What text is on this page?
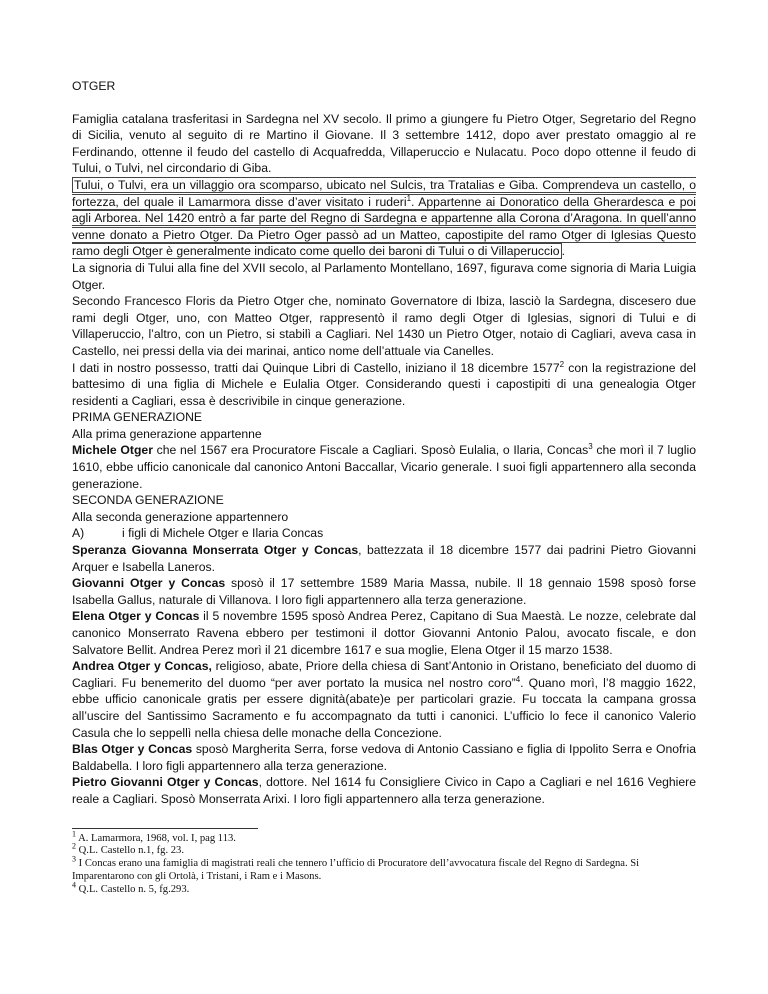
OTGER

Famiglia catalana trasferitasi in Sardegna nel XV secolo. Il primo a giungere fu Pietro Otger, Segretario del Regno di Sicilia, venuto al seguito di re Martino il Giovane. Il 3 settembre 1412, dopo aver prestato omaggio al re Ferdinando, ottenne il feudo del castello di Acquafredda, Villaperuccio e Nulacatu. Poco dopo ottenne il feudo di Tului, o Tulvi, nel circondario di Giba.

Tului, o Tulvi, era un villaggio ora scomparso, ubicato nel Sulcis, tra Tratalias e Giba. Comprendeva un castello, o fortezza, del quale il Lamarmora disse d’aver visitato i ruderi$^1$. Appartenne ai Donoratico della Gherardesca e poi agli Arborea. Nel 1420 entrò a far parte del Regno di Sardegna e appartenne alla Corona d’Aragona. In quell’anno venne donato a Pietro Otger. Da Pietro Oger passò ad un Matteo, capostipite del ramo Otger di Iglesias Questo ramo degli Otger è generalmente indicato come quello dei baroni di Tului o di Villaperuccio .

La signoria di Tului alla fine del XVII secolo, al Parlamento Montellano, 1697, figurava come signoria di Maria Luigia Otger.

Secondo Francesco Floris da Pietro Otger che, nominato Governatore di Ibiza, lasciò la Sardegna, discesero due rami degli Otger, uno, con Matteo Otger, rappresentò il ramo degli Otger di Iglesias, signori di Tului e di Villaperuccio, l’altro, con un Pietro, si stabilì a Cagliari. Nel 1430 un Pietro Otger, notaio di Cagliari, aveva casa in Castello, nei pressi della via dei marinai, antico nome dell’attuale via Canelles.

I dati in nostro possesso, tratti dai Quinque Libri di Castello, iniziano il 18 dicembre 1577$^2$ con la registrazione del battesimo di una figlia di Michele e Eulalia Otger. Considerando questi i capostipiti di una genealogia Otger residenti a Cagliari, essa è descrivibile in cinque generazione.

PRIMA GENERAZIONE

Alla prima generazione appartenne

Michele Otger che nel 1567 era Procuratore Fiscale a Cagliari. Sposò Eulalia, o Ilaria, Concas$^3$ che morì il 7 luglio 1610, ebbe ufficio canonicale dal canonico Antoni Baccallar, Vicario generale. I suoi figli appartennero alla seconda generazione.

SECONDA GENERAZIONE

Alla seconda generazione appartennero

A)	i figli di Michele Otger e Ilaria Concas

Speranza Giovanna Monserrata Otger y Concas, battezzata il 18 dicembre 1577 dai padrini Pietro Giovanni Arquer e Isabella Laneros.

Giovanni Otger y Concas sposò il 17 settembre 1589 Maria Massa, nubile. Il 18 gennaio 1598 sposò forse Isabella Gallus, naturale di Villanova. I loro figli appartennero alla terza generazione.

Elena Otger y Concas il 5 novembre 1595 sposò Andrea Perez, Capitano di Sua Maestà. Le nozze, celebrate dal canonico Monserrato Ravena ebbero per testimoni il dottor Giovanni Antonio Palou, avocato fiscale, e don Salvatore Bellit. Andrea Perez morì il 21 dicembre 1617 e sua moglie, Elena Otger il 15 marzo 1538.

Andrea Otger y Concas, religioso, abate, Priore della chiesa di Sant’Antonio in Oristano, beneficiato del duomo di Cagliari. Fu benemerito del duomo “per aver portato la musica nel nostro coro”$^4$. Quano morì, l’8 maggio 1622, ebbe ufficio canonicale gratis per essere dignità(abate)e per particolari grazie. Fu toccata la campana grossa all’uscire del Santissimo Sacramento e fu accompagnato da tutti i canonici. L’ufficio lo fece il canonico Valerio Casula che lo seppellì nella chiesa delle monache della Concezione.

Blas Otger y Concas sposò Margherita Serra, forse vedova di Antonio Cassiano e figlia di Ippolito Serra e Onofria Baldabella. I loro figli appartennero alla terza generazione.

Pietro Giovanni Otger y Concas, dottore. Nel 1614 fu Consigliere Civico in Capo a Cagliari e nel 1616 Veghiere reale a Cagliari. Sposò Monserrata Arixi. I loro figli appartennero alla terza generazione.

$^1$ A. Lamarmora, 1968, vol. I, pag 113.

$^2$ Q.L. Castello n.1, fg. 23.

$^3$ I Concas erano una famiglia di magistrati reali che tennero l’ufficio di Procuratore dell’avvocatura fiscale del Regno di Sardegna. Si Imparentarono con gli Ortolà, i Tristani, i Ram e i Masons.

$^4$ Q.L. Castello n. 5, fg.293.
